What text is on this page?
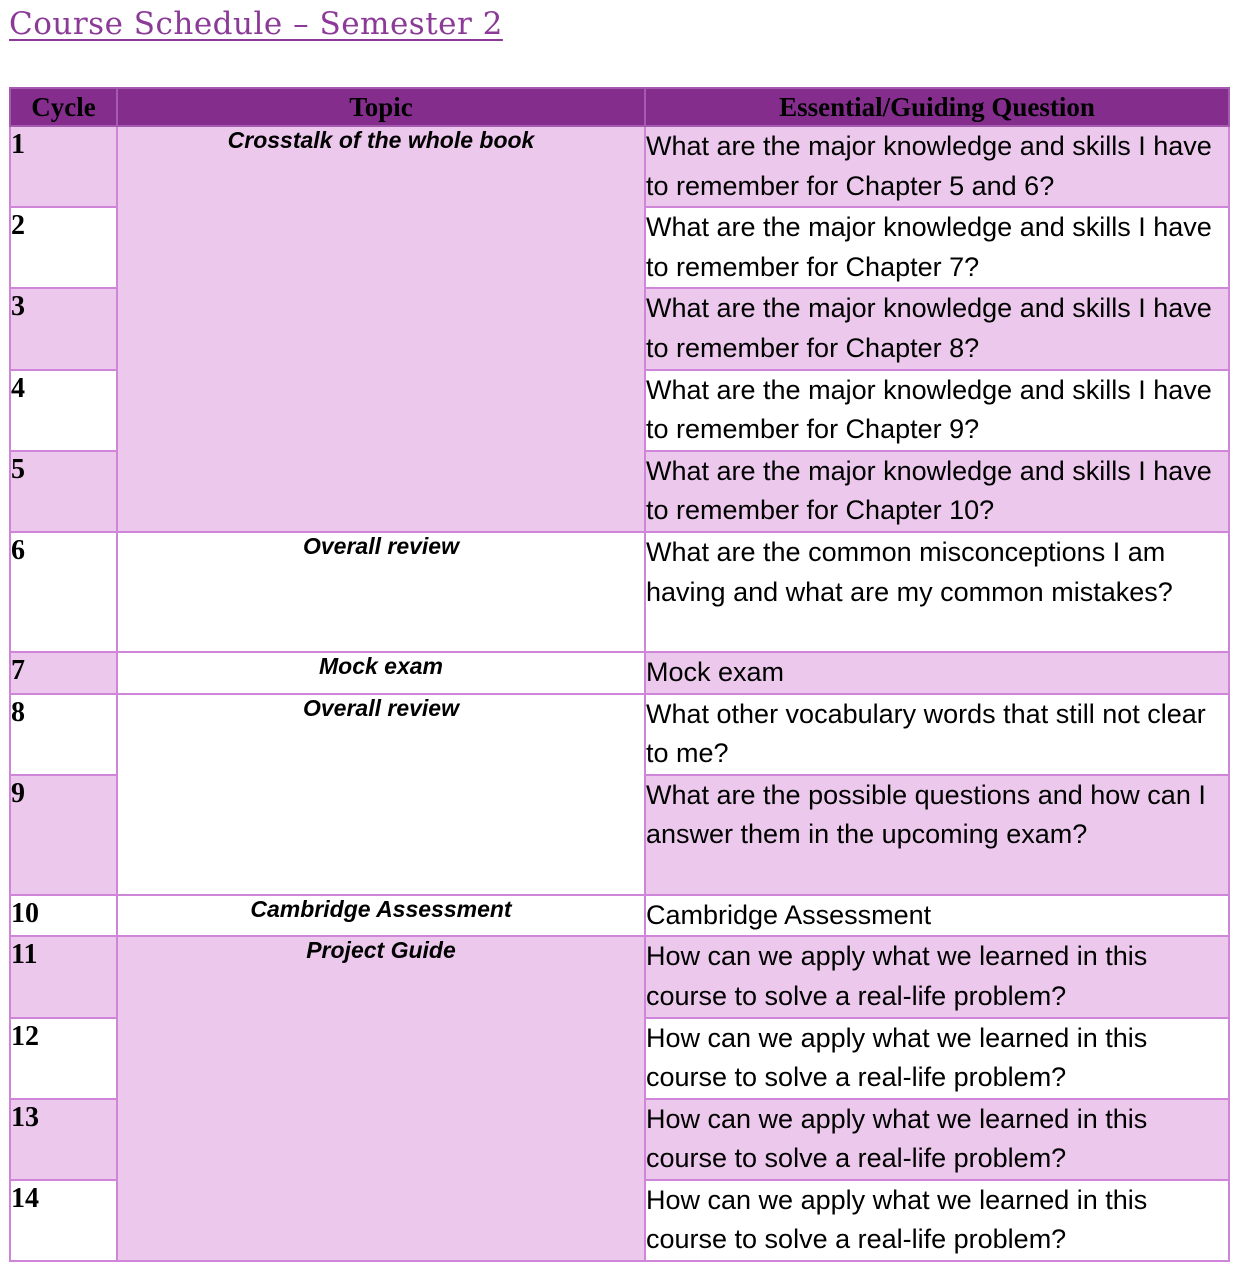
Course Schedule – Semester 2
Cycle	Topic	Essential/Guiding Question
1	Crosstalk of the whole book	What are the major knowledge and skills I have to remember for Chapter 5 and 6?
2		What are the major knowledge and skills I have to remember for Chapter 7?
3		What are the major knowledge and skills I have to remember for Chapter 8?
4		What are the major knowledge and skills I have to remember for Chapter 9?
5		What are the major knowledge and skills I have to remember for Chapter 10?
6	Overall review	What are the common misconceptions I am having and what are my common mistakes?
7	Mock exam	Mock exam
8	Overall review	What other vocabulary words that still not clear to me?
9		What are the possible questions and how can I answer them in the upcoming exam?
10	Cambridge Assessment	Cambridge Assessment
11	Project Guide	How can we apply what we learned in this course to solve a real-life problem?
12		How can we apply what we learned in this course to solve a real-life problem?
13		How can we apply what we learned in this course to solve a real-life problem?
14		How can we apply what we learned in this course to solve a real-life problem?
